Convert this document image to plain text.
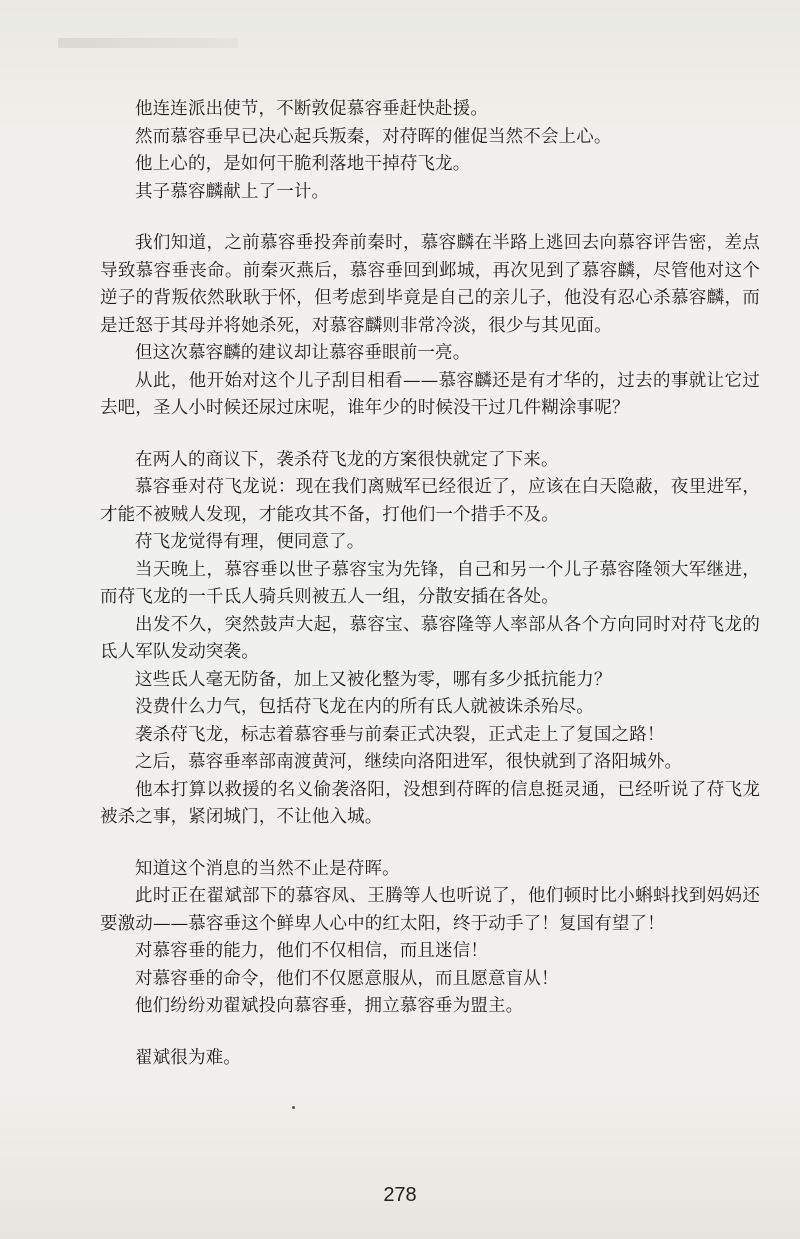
他连连派出使节，不断敦促慕容垂赶快赴援。

然而慕容垂早已决心起兵叛秦，对苻晖的催促当然不会上心。

他上心的，是如何干脆利落地干掉苻飞龙。

其子慕容麟献上了一计。

我们知道，之前慕容垂投奔前秦时，慕容麟在半路上逃回去向慕容评告密，差点导致慕容垂丧命。前秦灭燕后，慕容垂回到邺城，再次见到了慕容麟，尽管他对这个逆子的背叛依然耿耿于怀，但考虑到毕竟是自己的亲儿子，他没有忍心杀慕容麟，而是迁怒于其母并将她杀死，对慕容麟则非常冷淡，很少与其见面。

但这次慕容麟的建议却让慕容垂眼前一亮。

从此，他开始对这个儿子刮目相看——慕容麟还是有才华的，过去的事就让它过去吧，圣人小时候还尿过床呢，谁年少的时候没干过几件糊涂事呢？

在两人的商议下，袭杀苻飞龙的方案很快就定了下来。

慕容垂对苻飞龙说：现在我们离贼军已经很近了，应该在白天隐蔽，夜里进军，才能不被贼人发现，才能攻其不备，打他们一个措手不及。

苻飞龙觉得有理，便同意了。

当天晚上，慕容垂以世子慕容宝为先锋，自己和另一个儿子慕容隆领大军继进，而苻飞龙的一千氐人骑兵则被五人一组，分散安插在各处。

出发不久，突然鼓声大起，慕容宝、慕容隆等人率部从各个方向同时对苻飞龙的氐人军队发动突袭。

这些氐人毫无防备，加上又被化整为零，哪有多少抵抗能力？

没费什么力气，包括苻飞龙在内的所有氐人就被诛杀殆尽。

袭杀苻飞龙，标志着慕容垂与前秦正式决裂，正式走上了复国之路！

之后，慕容垂率部南渡黄河，继续向洛阳进军，很快就到了洛阳城外。

他本打算以救援的名义偷袭洛阳，没想到苻晖的信息挺灵通，已经听说了苻飞龙被杀之事，紧闭城门，不让他入城。

知道这个消息的当然不止是苻晖。

此时正在翟斌部下的慕容凤、王腾等人也听说了，他们顿时比小蝌蚪找到妈妈还要激动——慕容垂这个鲜卑人心中的红太阳，终于动手了！复国有望了！

对慕容垂的能力，他们不仅相信，而且迷信！

对慕容垂的命令，他们不仅愿意服从，而且愿意盲从！

他们纷纷劝翟斌投向慕容垂，拥立慕容垂为盟主。

翟斌很为难。

278
